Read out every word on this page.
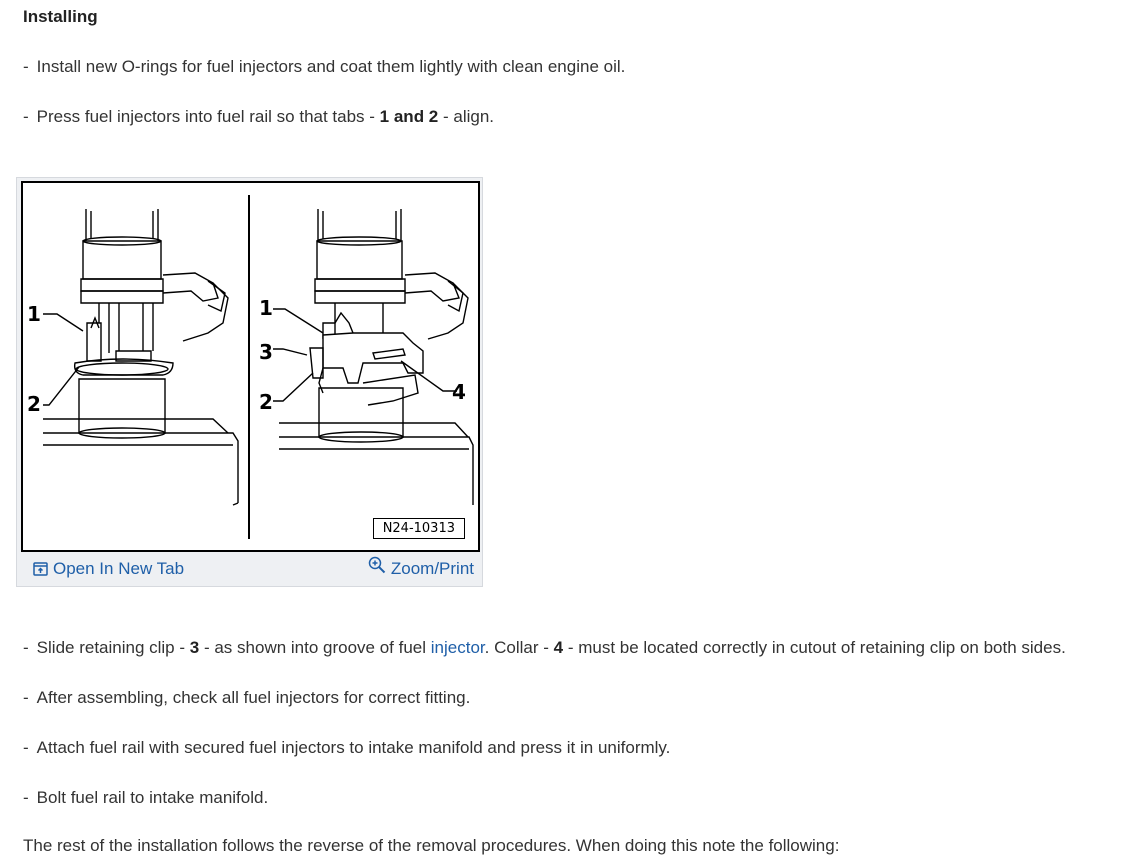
Installing
- Install new O-rings for fuel injectors and coat them lightly with clean engine oil.
- Press fuel injectors into fuel rail so that tabs - 1 and 2 - align.
1
2
1
3
2	4
N24-10313
Open In New Tab	Zoom/Print
- Slide retaining clip - 3 - as shown into groove of fuel injector. Collar - 4 - must be located correctly in cutout of retaining clip on both sides.
- After assembling, check all fuel injectors for correct fitting.
- Attach fuel rail with secured fuel injectors to intake manifold and press it in uniformly.
- Bolt fuel rail to intake manifold.
The rest of the installation follows the reverse of the removal procedures. When doing this note the following:
